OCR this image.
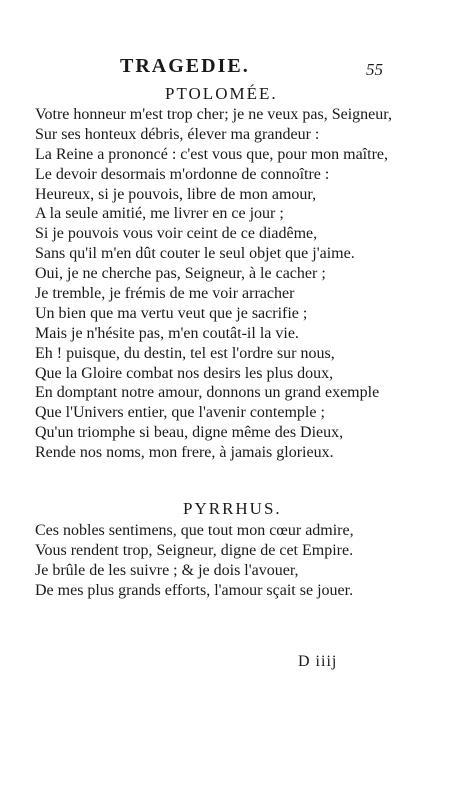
TRAGEDIE.	55
PTOLOMÉE.
Votre honneur m'est trop cher; je ne veux pas, Seigneur,
Sur ses honteux débris, élever ma grandeur :
La Reine a prononcé : c'est vous que, pour mon maître,
Le devoir desormais m'ordonne de connoître :
Heureux, si je pouvois, libre de mon amour,
A la seule amitié, me livrer en ce jour ;
Si je pouvois vous voir ceint de ce diadême,
Sans qu'il m'en dût couter le seul objet que j'aime.
Oui, je ne cherche pas, Seigneur, à le cacher ;
Je tremble, je frémis de me voir arracher
Un bien que ma vertu veut que je sacrifie ;
Mais je n'hésite pas, m'en coutât-il la vie.
Eh ! puisque, du destin, tel est l'ordre sur nous,
Que la Gloire combat nos desirs les plus doux,
En domptant notre amour, donnons un grand exemple
Que l'Univers entier, que l'avenir contemple ;
Qu'un triomphe si beau, digne même des Dieux,
Rende nos noms, mon frere, à jamais glorieux.
PYRRHUS.
Ces nobles sentimens, que tout mon cœur admire,
Vous rendent trop, Seigneur, digne de cet Empire.
Je brûle de les suivre ; & je dois l'avouer,
De mes plus grands efforts, l'amour sçait se jouer.
D iiij
